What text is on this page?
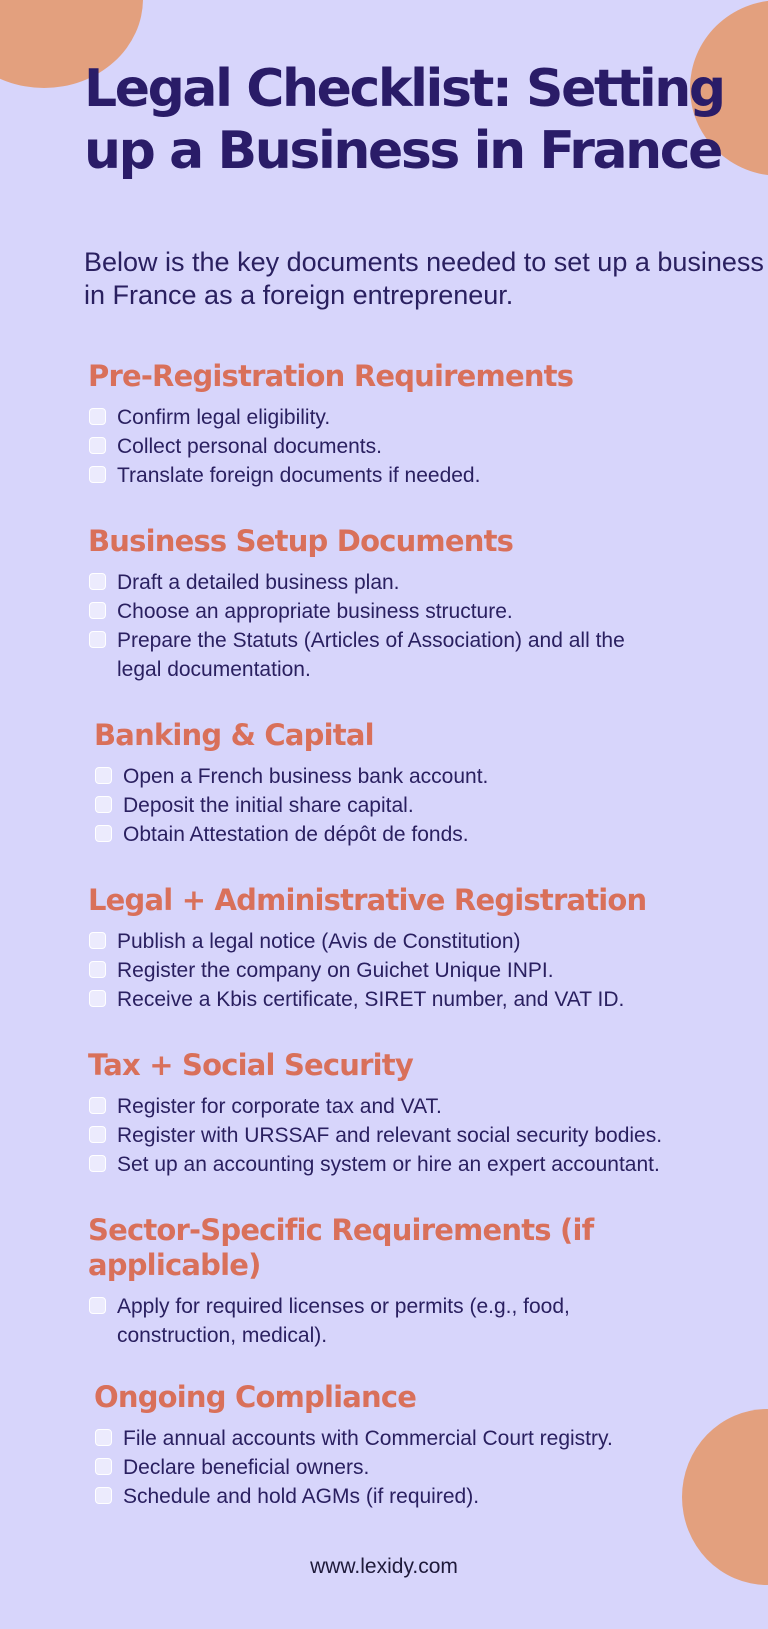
Legal Checklist: Setting up a Business in France

Below is the key documents needed to set up a business in France as a foreign entrepreneur.

Pre-Registration Requirements
Confirm legal eligibility.
Collect personal documents.
Translate foreign documents if needed.
Business Setup Documents
Draft a detailed business plan.
Choose an appropriate business structure.
Prepare the Statuts (Articles of Association) and all the legal documentation.
Banking & Capital
Open a French business bank account.
Deposit the initial share capital.
Obtain Attestation de dépôt de fonds.
Legal + Administrative Registration
Publish a legal notice (Avis de Constitution)
Register the company on Guichet Unique INPI.
Receive a Kbis certificate, SIRET number, and VAT ID.
Tax + Social Security
Register for corporate tax and VAT.
Register with URSSAF and relevant social security bodies.
Set up an accounting system or hire an expert accountant.
Sector-Specific Requirements (if applicable)
Apply for required licenses or permits (e.g., food, construction, medical).
Ongoing Compliance
File annual accounts with Commercial Court registry.
Declare beneficial owners.
Schedule and hold AGMs (if required).
www.lexidy.com
